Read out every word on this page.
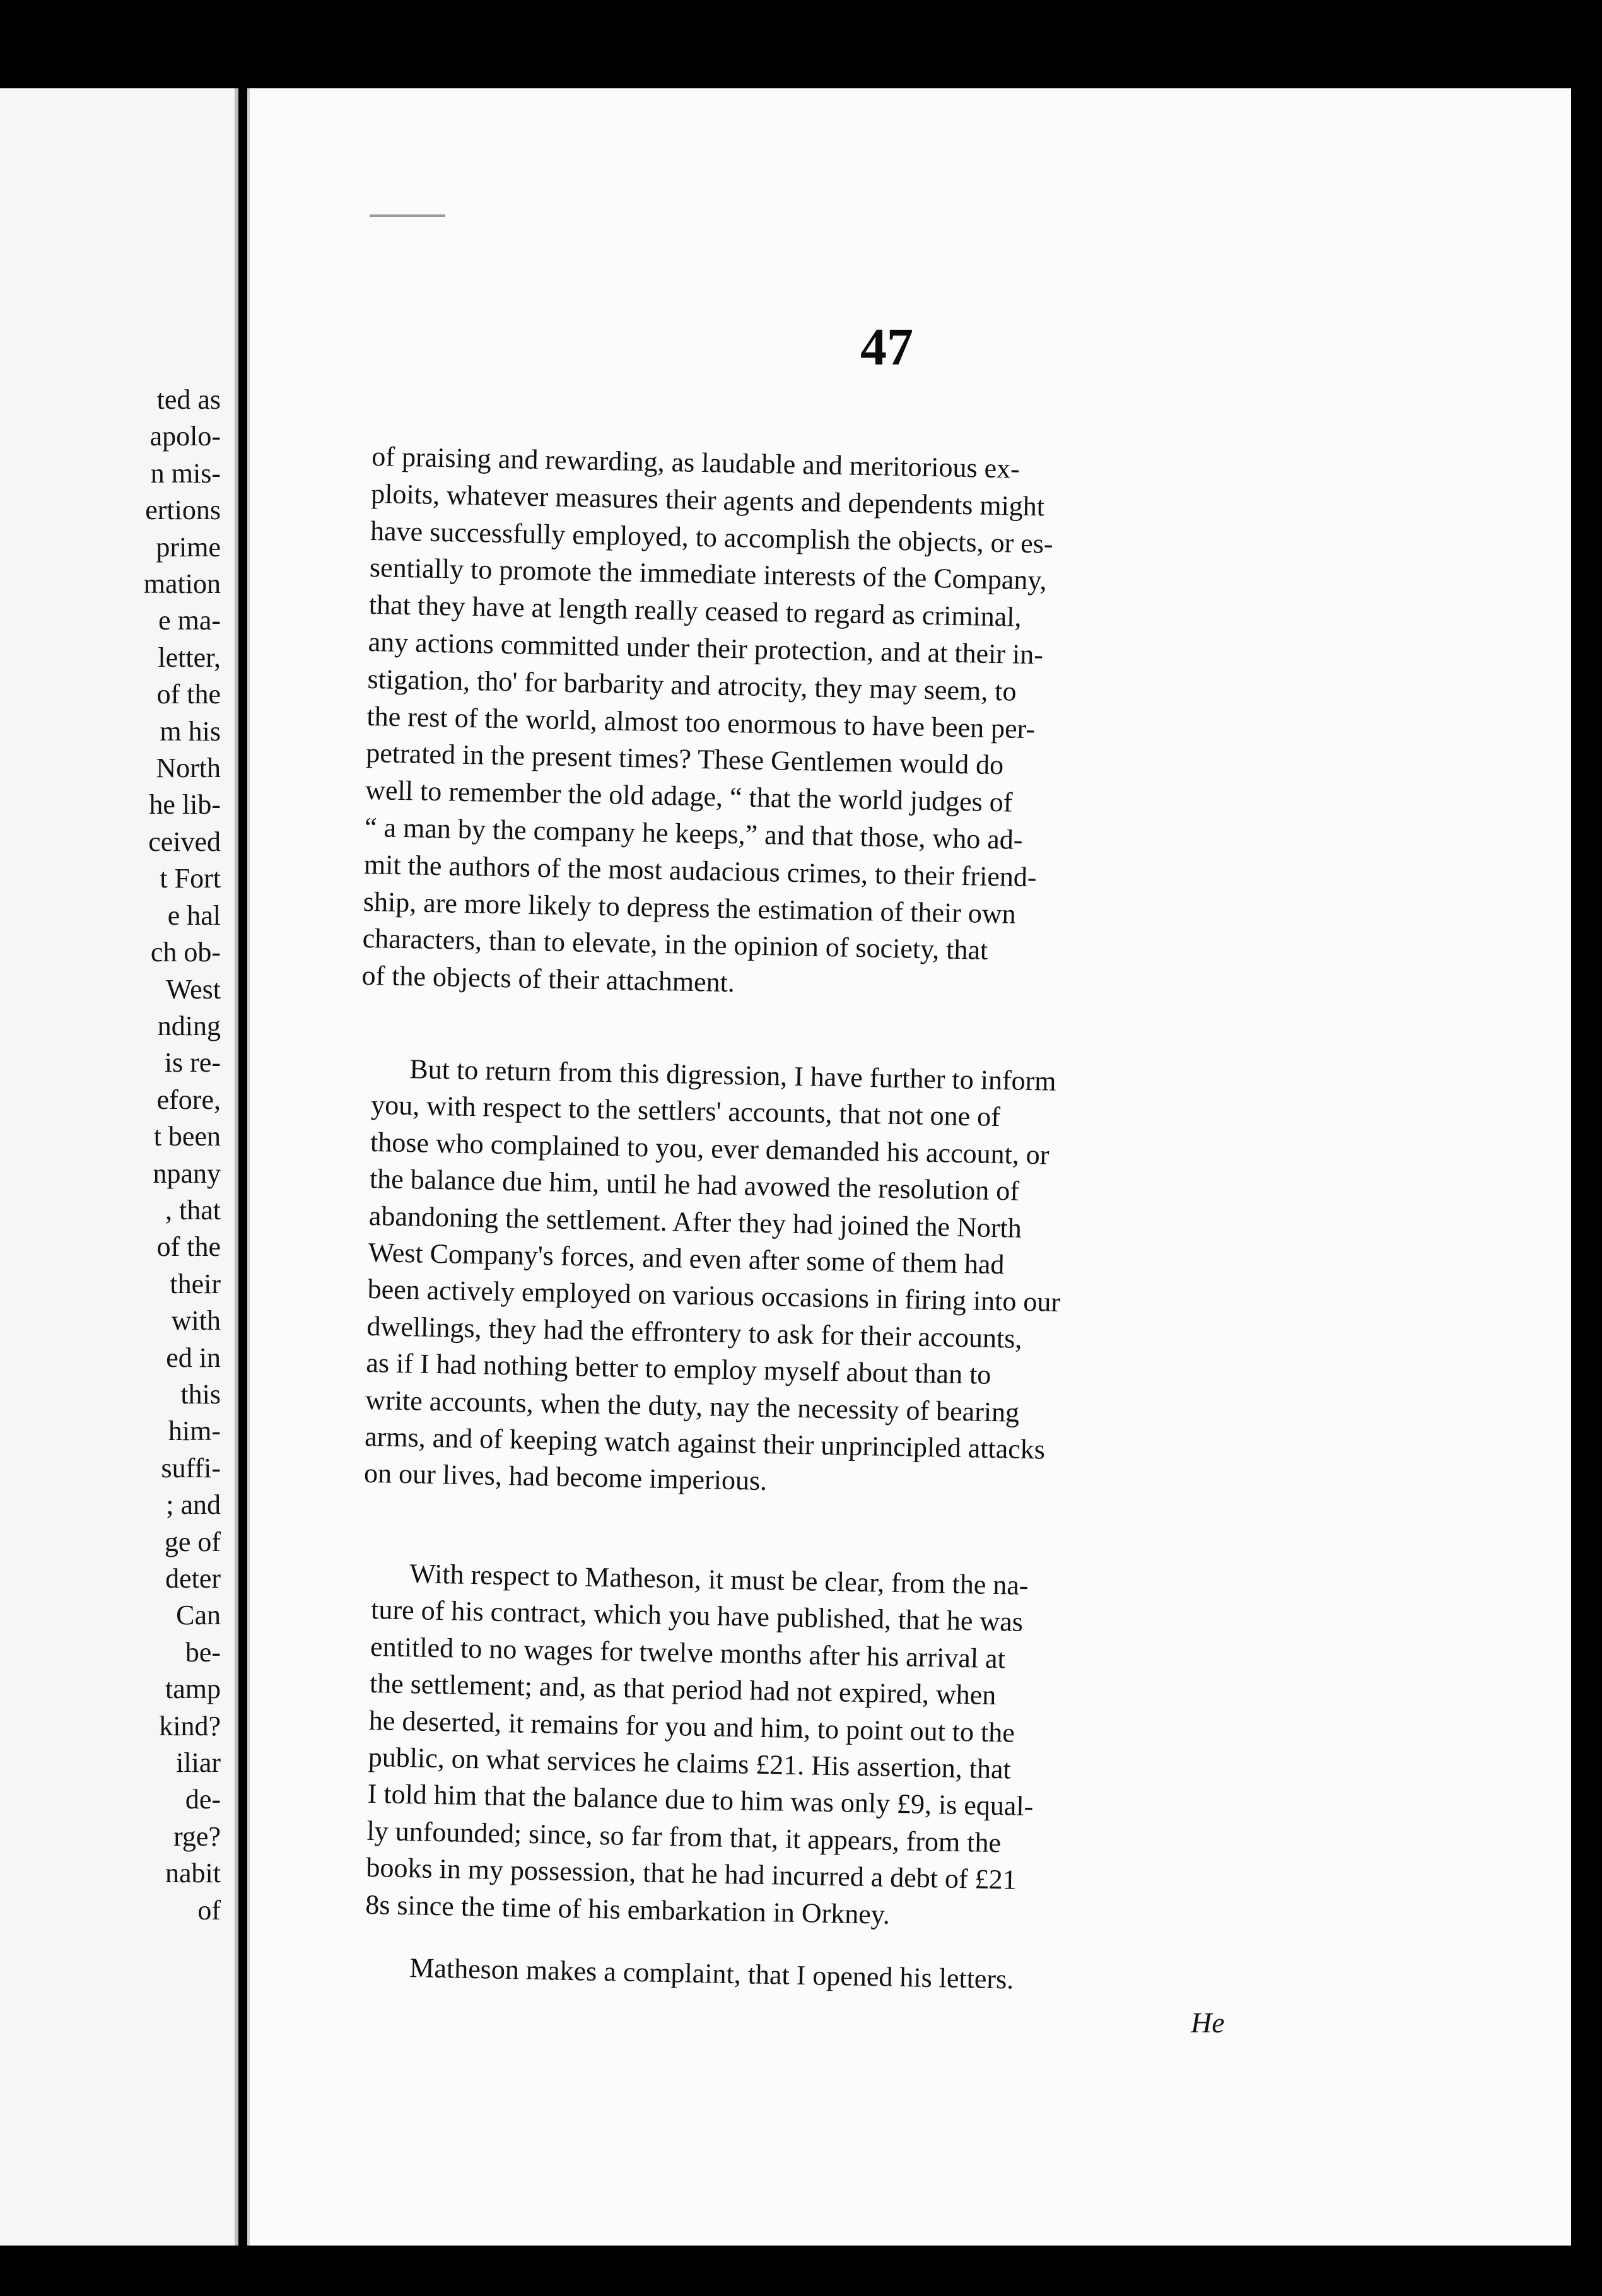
ted as
apolo-
n mis-
ertions
prime
mation
e ma-
letter,
of the
m his
North
he lib-
ceived
t Fort
e hal
ch ob-
West
nding
is re-
efore,
t been
npany
, that
of the
their
with
ed in
this
him-
suffi-
; and
ge of
deter
Can
be-
tamp
kind?
iliar
de-
rge?
nabit
of
47
of praising and rewarding, as laudable and meritorious ex-
ploits, whatever measures their agents and dependents might
have successfully employed, to accomplish the objects, or es-
sentially to promote the immediate interests of the Company,
that they have at length really ceased to regard as criminal,
any actions committed under their protection, and at their in-
stigation, tho' for barbarity and atrocity, they may seem, to
the rest of the world, almost too enormous to have been per-
petrated in the present times? These Gentlemen would do
well to remember the old adage, “ that the world judges of
“ a man by the company he keeps,” and that those, who ad-
mit the authors of the most audacious crimes, to their friend-
ship, are more likely to depress the estimation of their own
characters, than to elevate, in the opinion of society, that
of the objects of their attachment.
But to return from this digression, I have further to inform
you, with respect to the settlers' accounts, that not one of
those who complained to you, ever demanded his account, or
the balance due him, until he had avowed the resolution of
abandoning the settlement. After they had joined the North
West Company's forces, and even after some of them had
been actively employed on various occasions in firing into our
dwellings, they had the effrontery to ask for their accounts,
as if I had nothing better to employ myself about than to
write accounts, when the duty, nay the necessity of bearing
arms, and of keeping watch against their unprincipled attacks
on our lives, had become imperious.
With respect to Matheson, it must be clear, from the na-
ture of his contract, which you have published, that he was
entitled to no wages for twelve months after his arrival at
the settlement; and, as that period had not expired, when
he deserted, it remains for you and him, to point out to the
public, on what services he claims £21. His assertion, that
I told him that the balance due to him was only £9, is equal-
ly unfounded; since, so far from that, it appears, from the
books in my possession, that he had incurred a debt of £21
8s since the time of his embarkation in Orkney.
Matheson makes a complaint, that I opened his letters.
He
